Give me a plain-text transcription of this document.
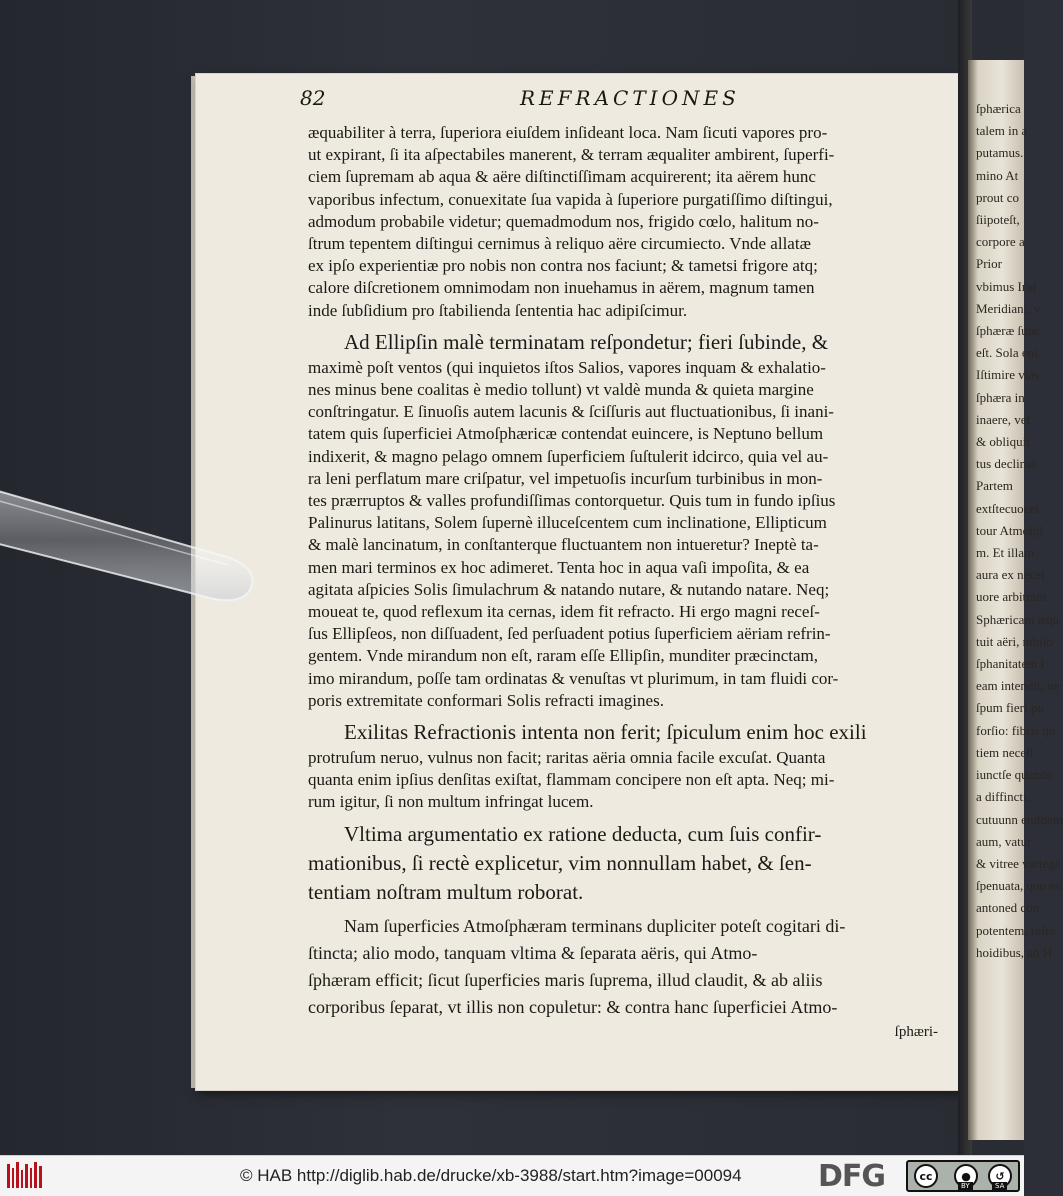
82	REFRACTIONES
æquabiliter à terra, ſuperiora eiuſdem inſideant loca. Nam ſicuti vapores pro-
ut expirant, ſi ita aſpectabiles manerent, & terram æqualiter ambirent, ſuperfi-
ciem ſupremam ab aqua & aëre diſtinctiſſimam acquirerent; ita aërem hunc
vaporibus infectum, conuexitate ſua vapida à ſuperiore purgatiſſimo diſtingui,
admodum probabile videtur; quemadmodum nos, frigido cœlo, halitum no-
ſtrum tepentem diſtingui cernimus à reliquo aëre circumiecto. Vnde allatæ
ex ipſo experientiæ pro nobis non contra nos faciunt; & tametsi frigore atq;
calore diſcretionem omnimodam non inuehamus in aërem, magnum tamen
inde ſubſidium pro ſtabilienda ſententia hac adipiſcimur.
Ad Ellipſin malè terminatam reſpondetur; fieri ſubinde, &
maximè poſt ventos (qui inquietos iſtos Salios, vapores inquam & exhalatio-
nes minus bene coalitas è medio tollunt) vt valdè munda & quieta margine
conſtringatur. E ſinuoſis autem lacunis & ſciſſuris aut fluctuationibus, ſi inani-
tatem quis ſuperficiei Atmoſphæricæ contendat euincere, is Neptuno bellum
indixerit, & magno pelago omnem ſuperficiem ſuſtulerit idcirco, quia vel au-
ra leni perflatum mare criſpatur, vel impetuoſis incurſum turbinibus in mon-
tes prærruptos & valles profundiſſimas contorquetur. Quis tum in fundo ipſius
Palinurus latitans, Solem ſupernè illuceſcentem cum inclinatione, Ellipticum
& malè lancinatum, in conſtanterque fluctuantem non intueretur? Ineptè ta-
men mari terminos ex hoc adimeret. Tenta hoc in aqua vaſi impoſita, & ea
agitata aſpicies Solis ſimulachrum & natando nutare, & nutando natare. Neq;
moueat te, quod reflexum ita cernas, idem fit refracto. Hi ergo magni receſ-
ſus Ellipſeos, non diſſuadent, ſed perſuadent potius ſuperficiem aëriam refrin-
gentem. Vnde mirandum non eſt, raram eſſe Ellipſin, munditer præcinctam,
imo mirandum, poſſe tam ordinatas & venuſtas vt plurimum, in tam fluidi cor-
poris extremitate conformari Solis refracti imagines.
Exilitas Refractionis intenta non ferit; ſpiculum enim hoc exili
protruſum neruo, vulnus non facit; raritas aëria omnia facile excuſat. Quanta
quanta enim ipſius denſitas exiſtat, flammam concipere non eſt apta. Neq; mi-
rum igitur, ſi non multum infringat lucem.
Vltima argumentatio ex ratione deducta, cum ſuis confir-
mationibus, ſi rectè explicetur, vim nonnullam habet, & ſen-
tentiam noſtram multum roborat.
Nam ſuperficies Atmoſphæram terminans dupliciter poteſt cogitari di-
ſtincta; alio modo, tanquam vltima & ſeparata aëris, qui Atmo-
ſphæram efficit; ſicut ſuperficies maris ſuprema, illud claudit, & ab aliis
corporibus ſeparat, vt illis non copuletur: & contra hanc ſuperficiei Atmo-
ſphæri-
ſphærica
talem in a
putamus.
mino At
prout co
ſiipoteſt,
corpore a
Prior
vbimus Irid
Meridiani, v
ſphæræ ſupe
eſt. Sola eni
Iſtimire vias
ſphæra in
inaere, vel
& obliquit
tus declinat
Partem
extſtecuocet
tour Atmoſpl
m. Et illam
aura ex neceſ
uore arbitram
Sphæricam æqu
tuit aëri, nibilo
ſphanitatem i
eam intendit, ne
ſpum fieri po
forſio: fibris qu
tiem neceſſ
iunctſe quando
a diffincti,
cutuunn eiuſdem
aum, vatur
& vitree variega
ſpenuata, quo mi
antoned con
potentem, refra
hoidibus, ab H
© HAB http://diglib.hab.de/drucke/xb-3988/start.htm?image=00094	DFG	cc	●	↺
BY	SA
